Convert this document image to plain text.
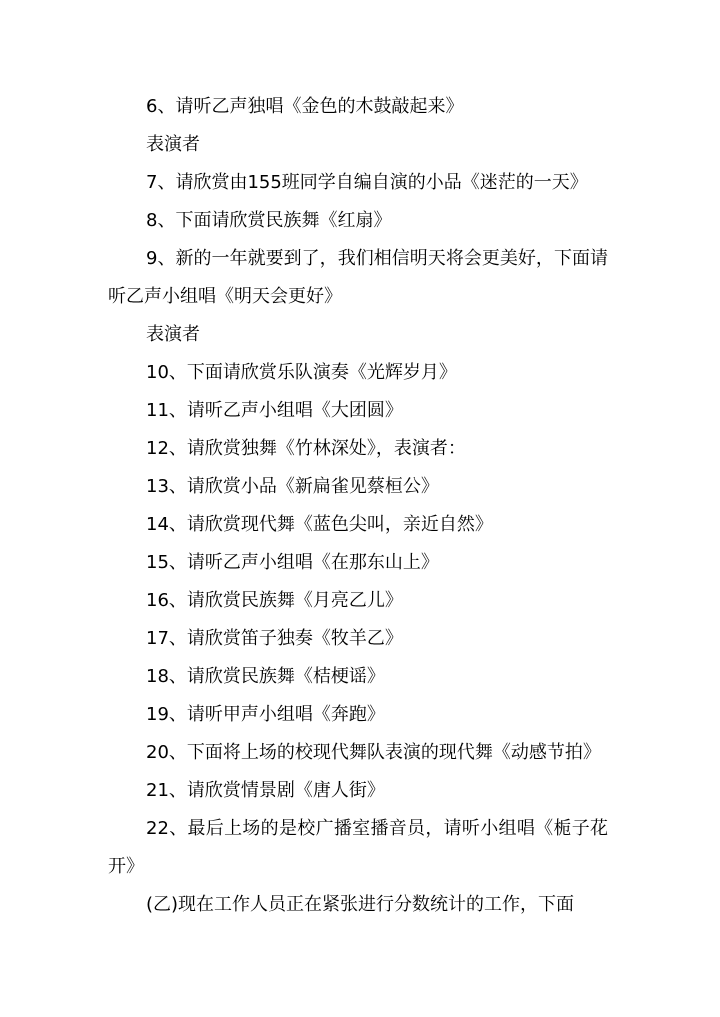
6、请听乙声独唱《金色的木鼓敲起来》

表演者

7、请欣赏由155班同学自编自演的小品《迷茫的一天》

8、下面请欣赏民族舞《红扇》

9、新的一年就要到了，我们相信明天将会更美好，下面请听乙声小组唱《明天会更好》

表演者

10、下面请欣赏乐队演奏《光辉岁月》

11、请听乙声小组唱《大团圆》

12、请欣赏独舞《竹林深处》，表演者：

13、请欣赏小品《新扁雀见蔡桓公》

14、请欣赏现代舞《蓝色尖叫，亲近自然》

15、请听乙声小组唱《在那东山上》

16、请欣赏民族舞《月亮乙儿》

17、请欣赏笛子独奏《牧羊乙》

18、请欣赏民族舞《桔梗谣》

19、请听甲声小组唱《奔跑》

20、下面将上场的校现代舞队表演的现代舞《动感节拍》

21、请欣赏情景剧《唐人街》

22、最后上场的是校广播室播音员，请听小组唱《栀子花开》

(乙)现在工作人员正在紧张进行分数统计的工作，下面
